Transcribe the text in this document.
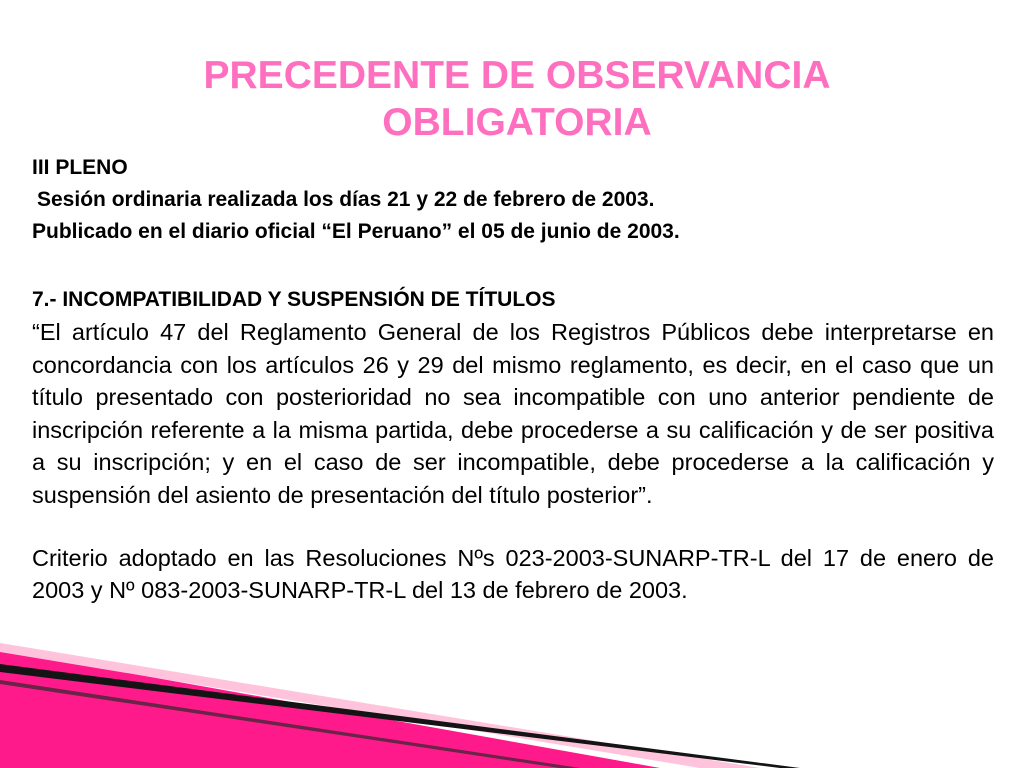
PRECEDENTE DE OBSERVANCIA
OBLIGATORIA
III PLENO
Sesión ordinaria realizada los días 21 y 22 de febrero de 2003.
Publicado en el diario oficial “El Peruano” el 05 de junio de 2003.
7.- INCOMPATIBILIDAD Y SUSPENSIÓN DE TÍTULOS

“El artículo 47 del Reglamento General de los Registros Públicos debe interpretarse en concordancia con los artículos 26 y 29 del mismo reglamento, es decir, en el caso que un título presentado con posterioridad no sea incompatible con uno anterior pendiente de inscripción referente a la misma partida, debe procederse a su calificación y de ser positiva a su inscripción; y en el caso de ser incompatible, debe procederse a la calificación y suspensión del asiento de presentación del título posterior”.

Criterio adoptado en las Resoluciones Nºs 023-2003-SUNARP-TR-L del 17 de enero de 2003 y Nº 083-2003-SUNARP-TR-L del 13 de febrero de 2003.
